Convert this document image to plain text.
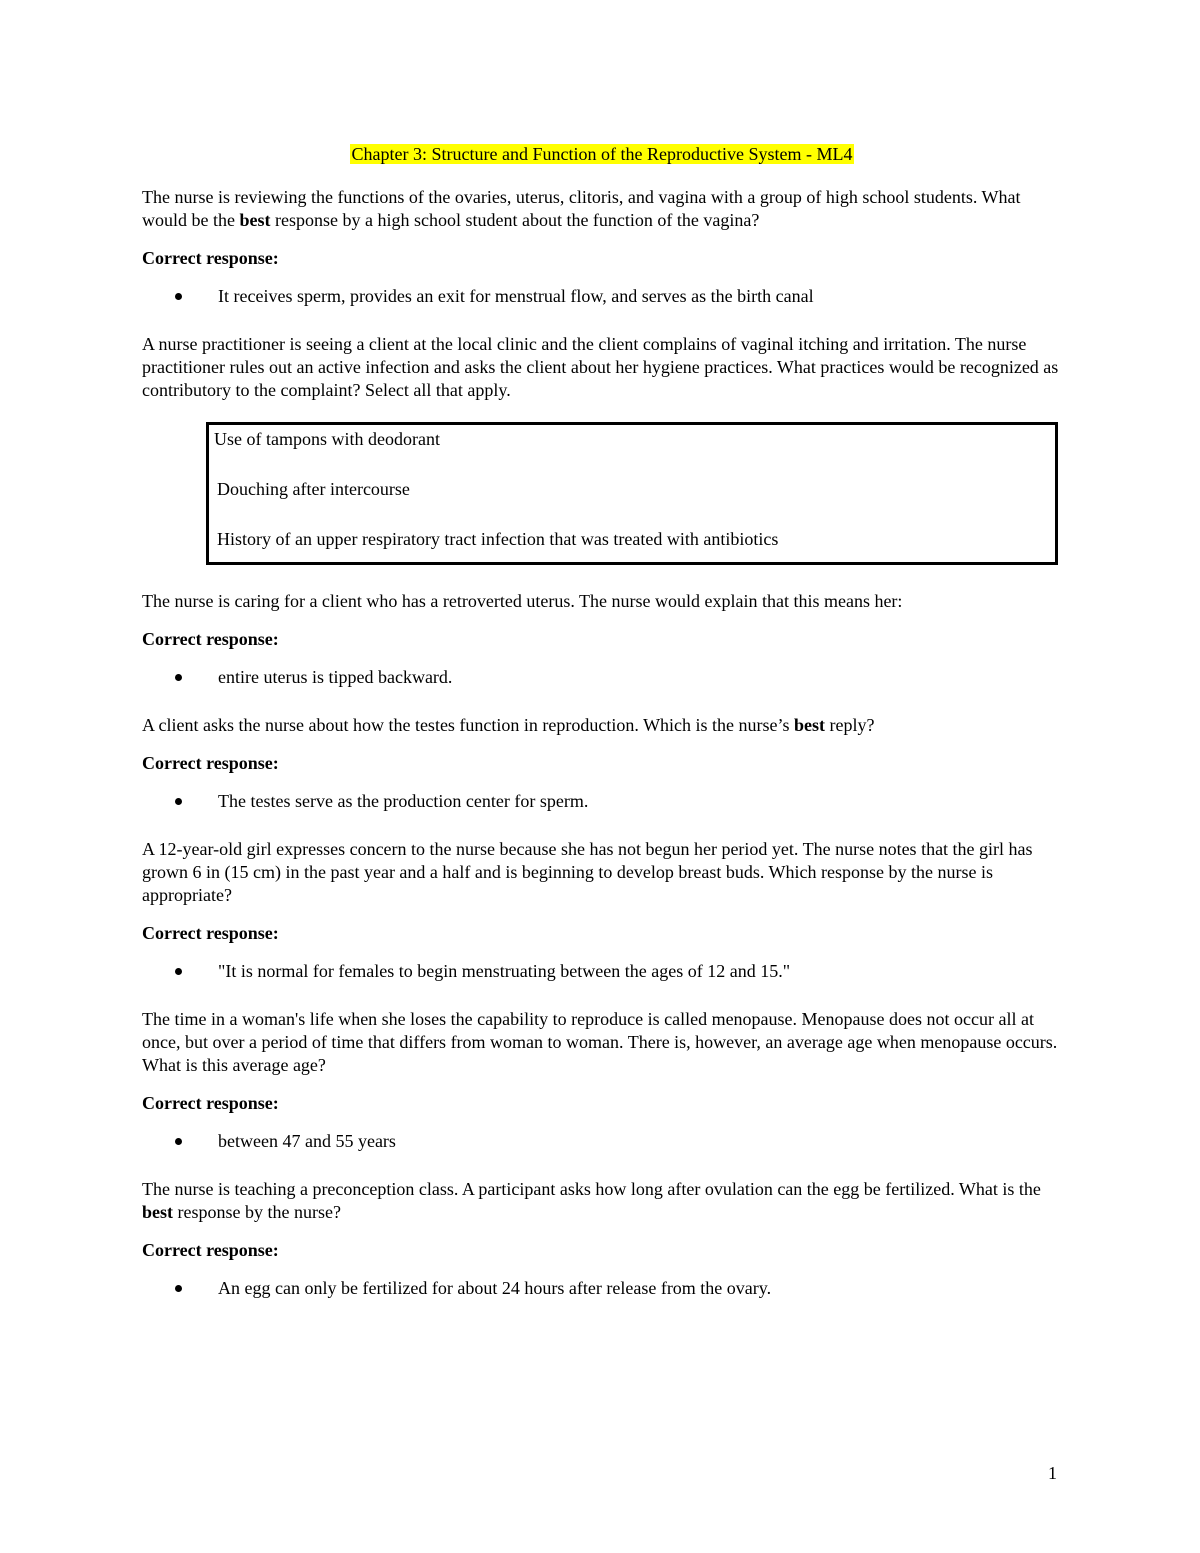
Chapter 3: Structure and Function of the Reproductive System - ML4

The nurse is reviewing the functions of the ovaries, uterus, clitoris, and vagina with a group of high school students. What would be the best response by a high school student about the function of the vagina?

Correct response:

It receives sperm, provides an exit for menstrual flow, and serves as the birth canal

A nurse practitioner is seeing a client at the local clinic and the client complains of vaginal itching and irritation. The nurse practitioner rules out an active infection and asks the client about her hygiene practices. What practices would be recognized as contributory to the complaint? Select all that apply.

Use of tampons with deodorant

Douching after intercourse

History of an upper respiratory tract infection that was treated with antibiotics

The nurse is caring for a client who has a retroverted uterus. The nurse would explain that this means her:

Correct response:

entire uterus is tipped backward.

A client asks the nurse about how the testes function in reproduction. Which is the nurse’s best reply?

Correct response:

The testes serve as the production center for sperm.

A 12-year-old girl expresses concern to the nurse because she has not begun her period yet. The nurse notes that the girl has grown 6 in (15 cm) in the past year and a half and is beginning to develop breast buds. Which response by the nurse is appropriate?

Correct response:

"It is normal for females to begin menstruating between the ages of 12 and 15."

The time in a woman's life when she loses the capability to reproduce is called menopause. Menopause does not occur all at once, but over a period of time that differs from woman to woman. There is, however, an average age when menopause occurs. What is this average age?

Correct response:

between 47 and 55 years

The nurse is teaching a preconception class. A participant asks how long after ovulation can the egg be fertilized. What is the best response by the nurse?

Correct response:

An egg can only be fertilized for about 24 hours after release from the ovary.
1
